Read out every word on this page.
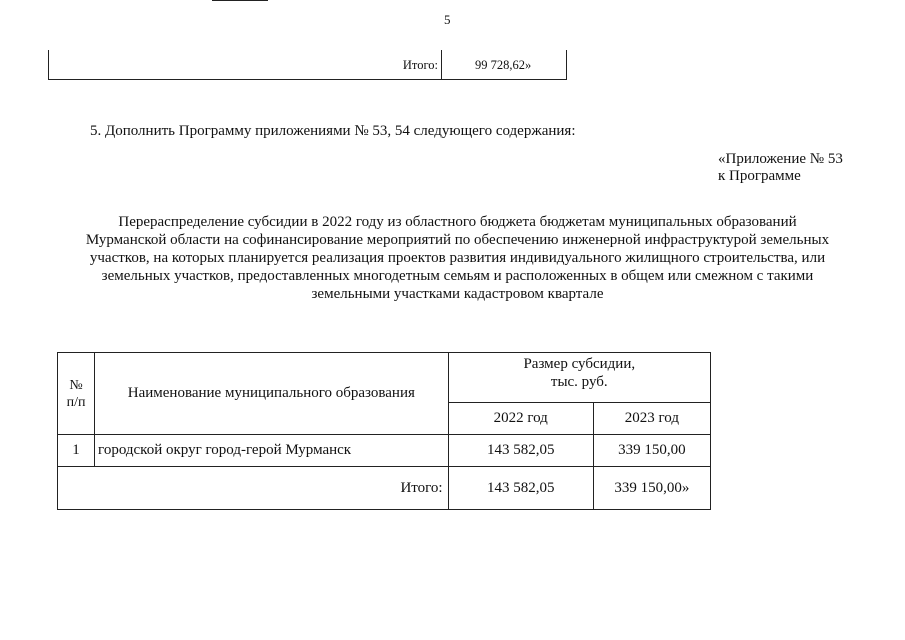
5
Итого:	99 728,62»
5. Дополнить Программу приложениями № 53, 54 следующего содержания:
«Приложение № 53
к Программе
Перераспределение субсидии в 2022 году из областного бюджета бюджетам муниципальных образований
Мурманской области на софинансирование мероприятий по обеспечению инженерной инфраструктурой земельных
участков, на которых планируется реализация проектов развития индивидуального жилищного строительства, или
земельных участков, предоставленных многодетным семьям и расположенных в общем или смежном с такими
земельными участками кадастровом квартале
№
п/п	Наименование муниципального образования	Размер субсидии,
тыс. руб.	
		2022 год	2023 год
1	городской округ город-герой Мурманск	143 582,05	339 150,00
Итого:		143 582,05	339 150,00»
